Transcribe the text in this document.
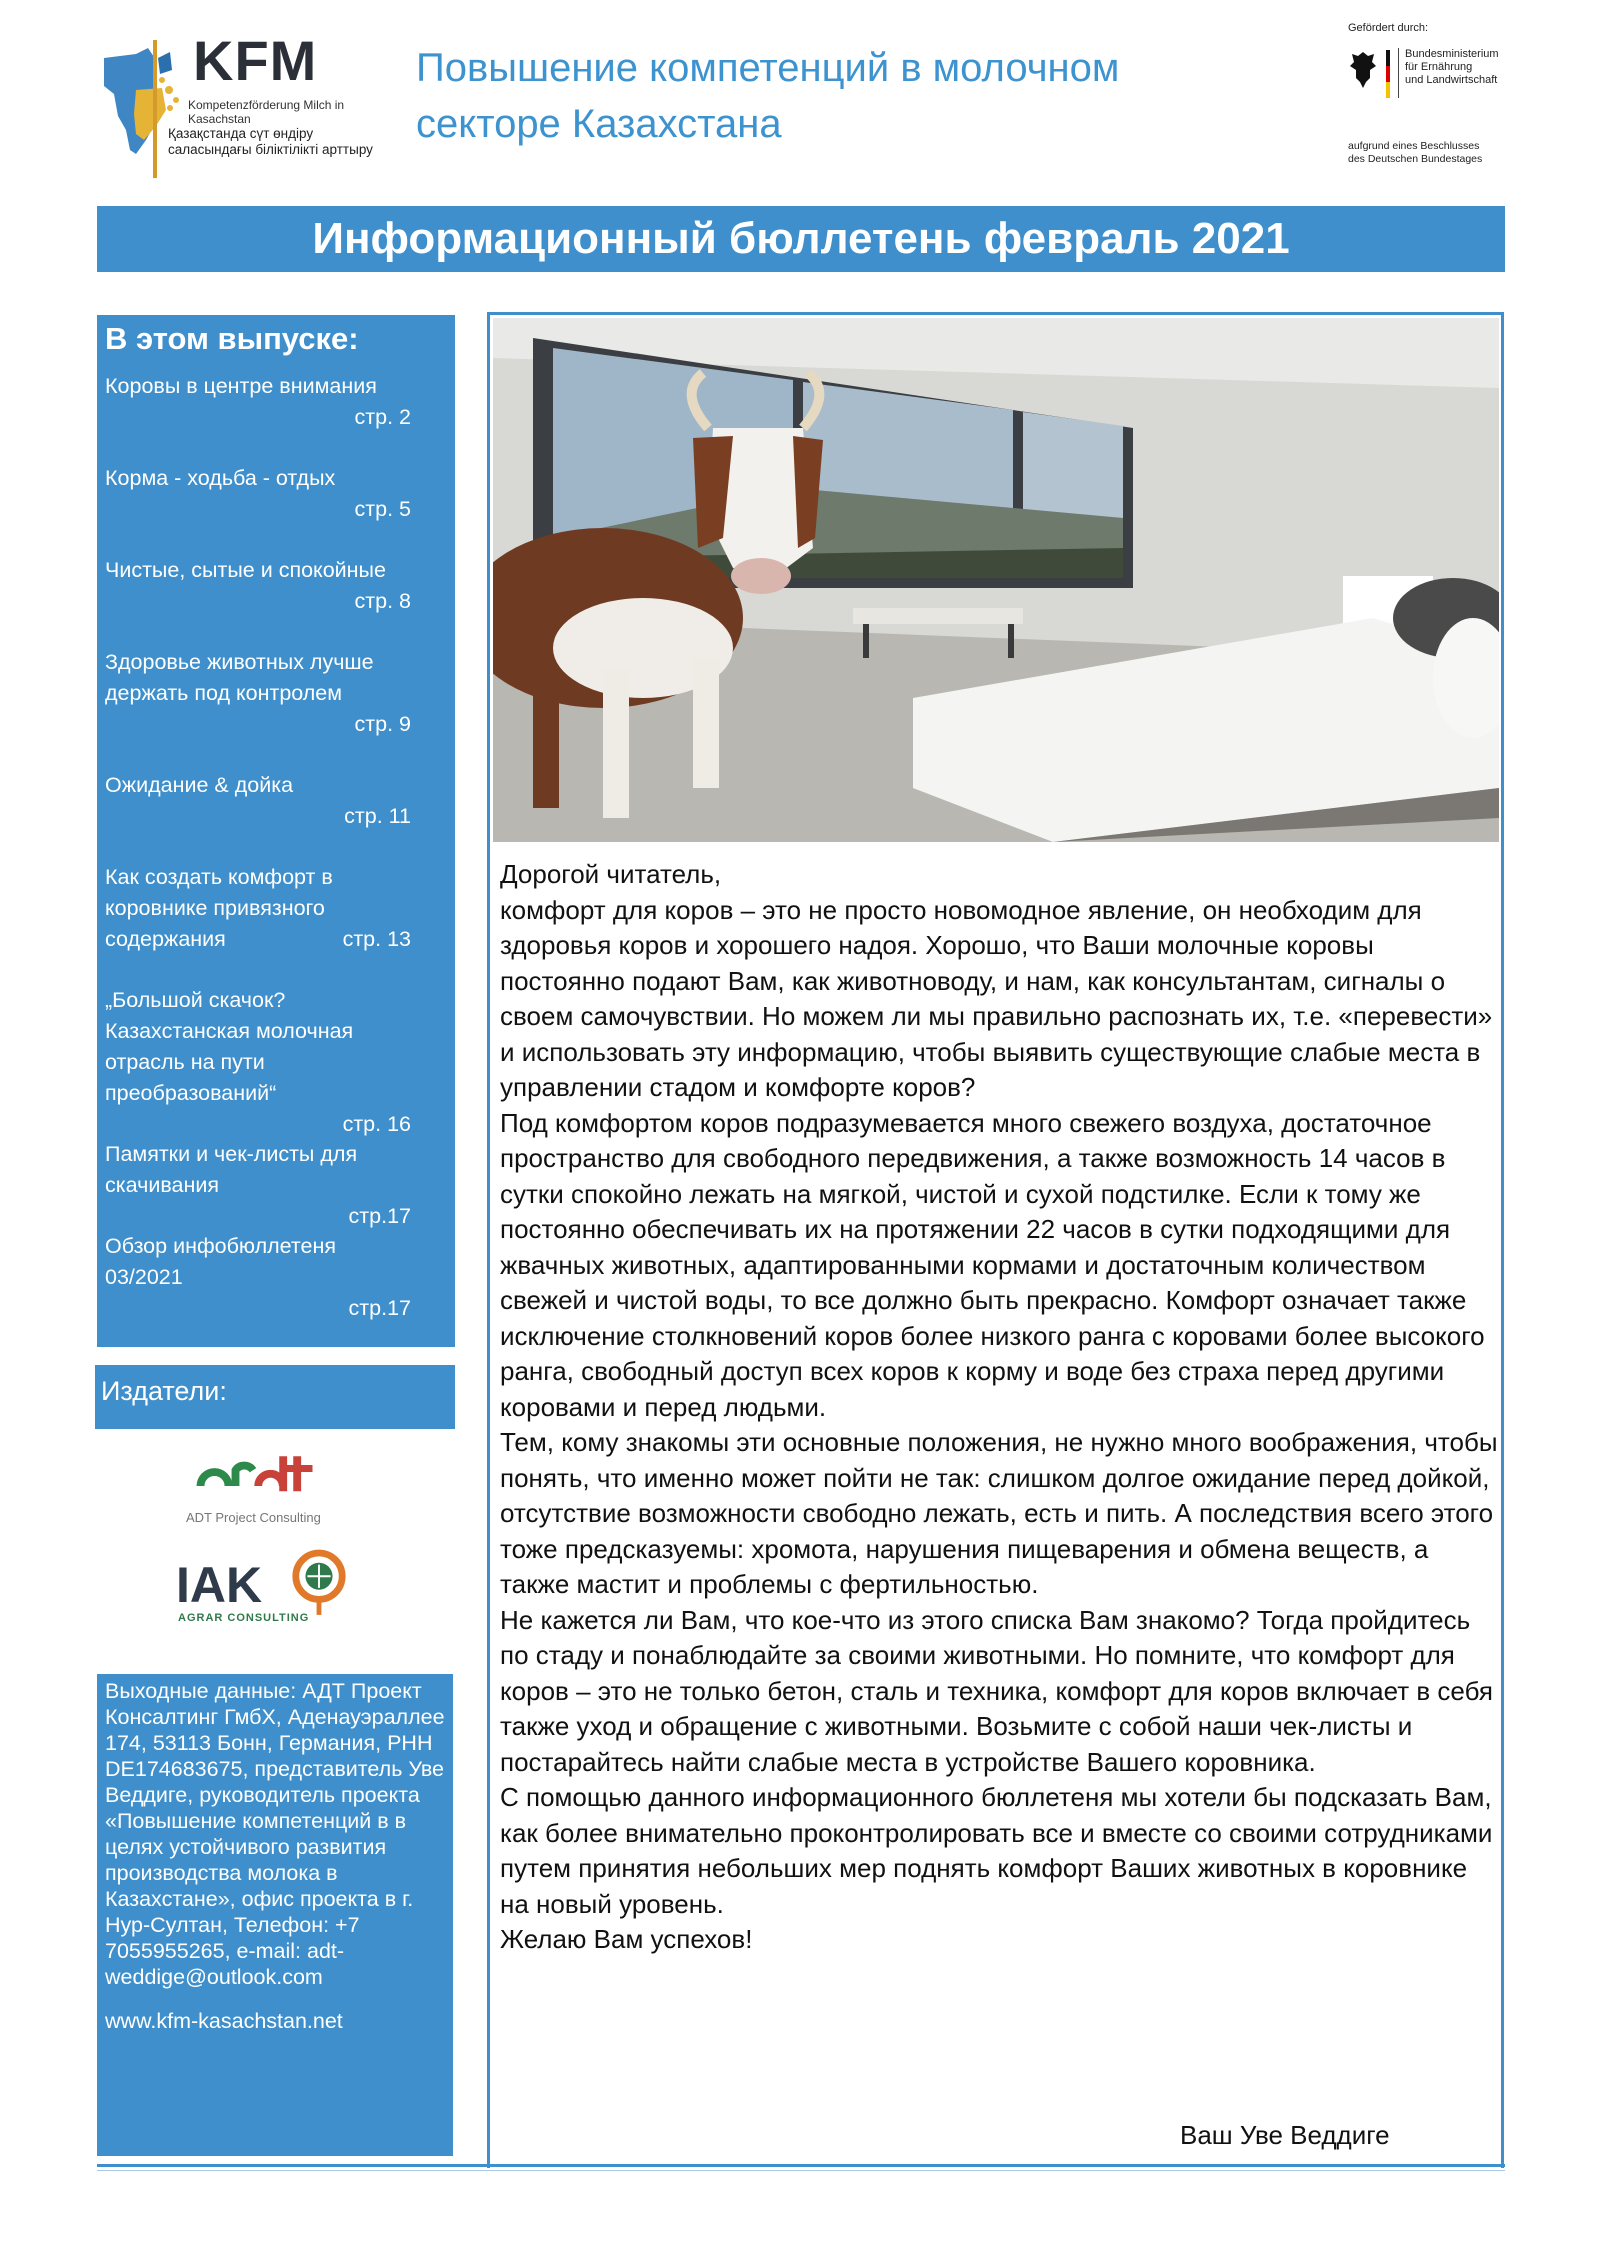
KFM
Kompetenzförderung Milch in Kasachstan
Қазақстанда сүт өндіру саласындағы біліктілікті арттыру
Повышение компетенций в молочном
секторе Казахстана
Gefördert durch:
Bundesministerium
für Ernährung
und Landwirtschaft
aufgrund eines Beschlusses
des Deutschen Bundestages
Информационный бюллетень февраль 2021
В этом выпуске:
Коровы в центре внимания
стр. 2
Корма - ходьба - отдых
стр. 5
Чистые, сытые и спокойные
стр. 8
Здоровье животных лучше
держать под контролем
стр. 9
Ожидание & дойка
стр. 11
Как создать комфорт в
коровнике привязного
содержания	стр. 13
„Большой скачок?
Казахстанская молочная
отрасль на пути
преобразований“
стр. 16
Памятки и чек-листы для
скачивания
стр.17
Обзор инфобюллетеня
03/2021
стр.17
Издатели:
ADT Project Consulting
IAK
AGRAR CONSULTING
Выходные данные: АДТ Проект Консалтинг ГмбХ, Аденауэраллее 174, 53113 Бонн, Германия, РНН DE174683675, представитель Уве Веддиге, руководитель проекта «Повышение компетенций в в целях устойчивого развития производства молока в Казахстане», офис проекта в г. Нур-Султан, Телефон: +7 7055955265, e-mail: adt-weddige@outlook.com
www.kfm-kasachstan.net

Дорогой читатель,

комфорт для коров – это не просто новомодное явление, он необходим для здоровья коров и хорошего надоя. Хорошо, что Ваши молочные коровы постоянно подают Вам, как животноводу, и нам, как консультантам, сигналы о своем самочувствии. Но можем ли мы правильно распознать их, т.е. «перевести» и использовать эту информацию, чтобы выявить существующие слабые места в управлении стадом и комфорте коров?

Под комфортом коров подразумевается много свежего воздуха, достаточное пространство для свободного передвижения, а также возможность 14 часов в сутки спокойно лежать на мягкой, чистой и сухой подстилке. Если к тому же постоянно обеспечивать их на протяжении 22 часов в сутки подходящими для жвачных животных, адаптированными кормами и достаточным количеством свежей и чистой воды, то все должно быть прекрасно. Комфорт означает также исключение столкновений коров более низкого ранга с коровами более высокого ранга, свободный доступ всех коров к корму и воде без страха перед другими коровами и перед людьми.

Тем, кому знакомы эти основные положения, не нужно много воображения, чтобы понять, что именно может пойти не так: слишком долгое ожидание перед дойкой, отсутствие возможности свободно лежать, есть и пить. А последствия всего этого тоже предсказуемы: хромота, нарушения пищеварения и обмена веществ, а также мастит и проблемы с фертильностью.

Не кажется ли Вам, что кое-что из этого списка Вам знакомо? Тогда пройдитесь по стаду и понаблюдайте за своими животными. Но помните, что комфорт для коров – это не только бетон, сталь и техника, комфорт для коров включает в себя также уход и обращение с животными. Возьмите с собой наши чек-листы и постарайтесь найти слабые места в устройстве Вашего коровника.

С помощью данного информационного бюллетеня мы хотели бы подсказать Вам, как более внимательно проконтролировать все и вместе со своими сотрудниками путем принятия небольших мер поднять комфорт Ваших животных в коровнике на новый уровень.

Желаю Вам успехов!

Ваш Уве Веддиге
